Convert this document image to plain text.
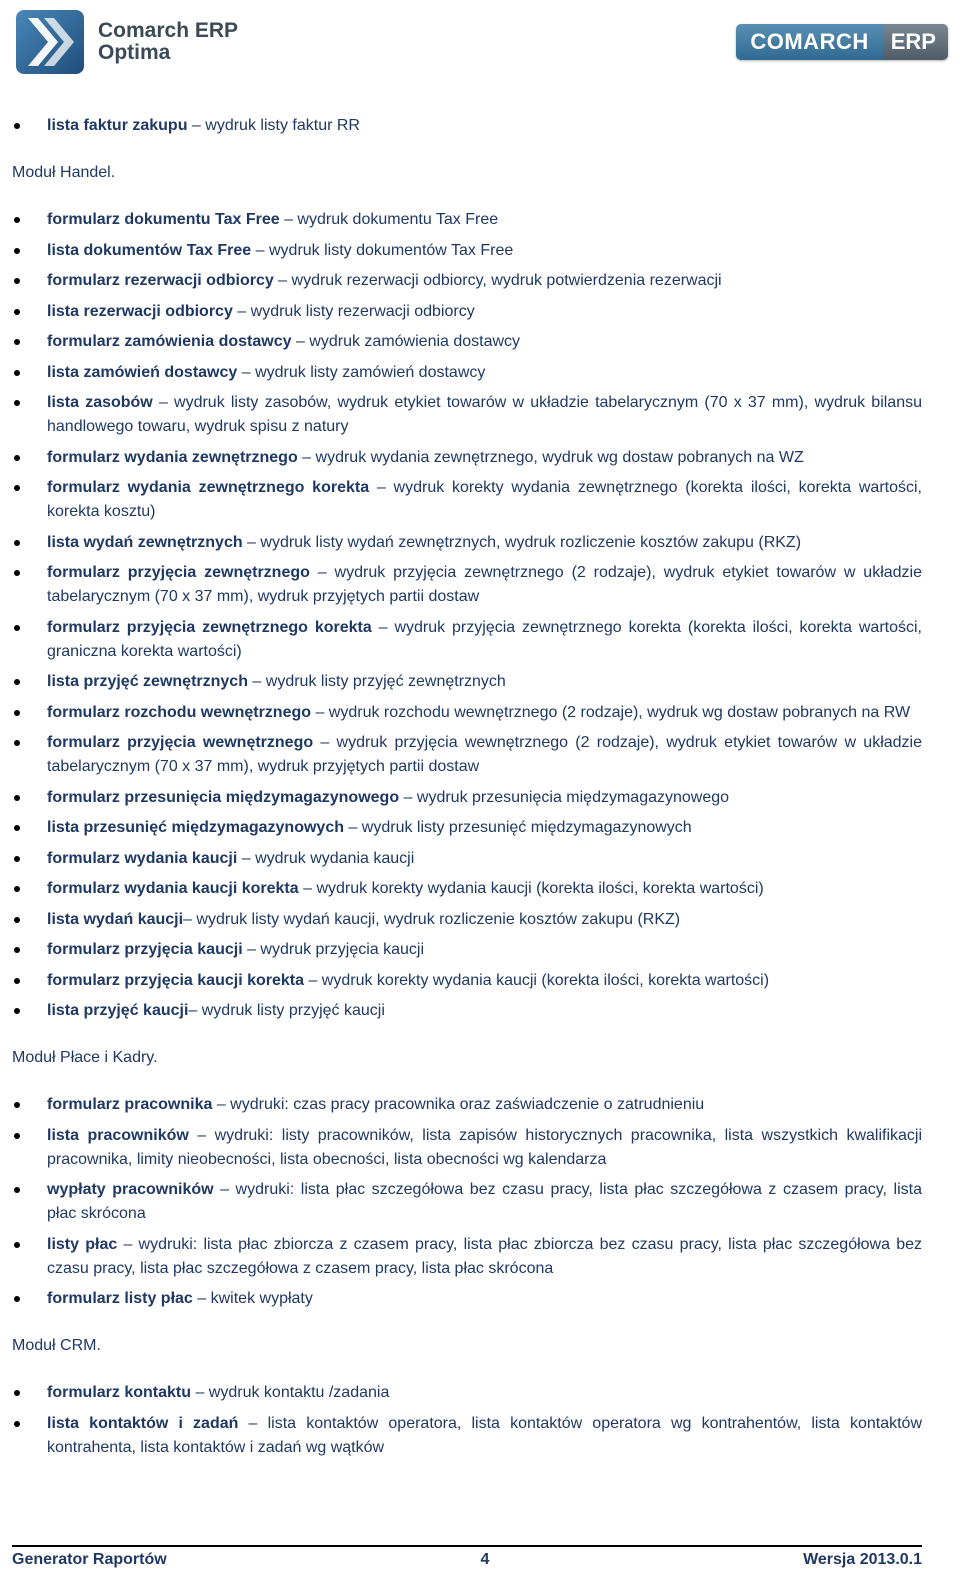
Comarch ERP
Optima	COMARCH	ERP
lista faktur zakupu – wydruk listy faktur RR
Moduł Handel.
formularz dokumentu Tax Free – wydruk dokumentu Tax Free
lista dokumentów Tax Free – wydruk listy dokumentów Tax Free
formularz rezerwacji odbiorcy – wydruk rezerwacji odbiorcy, wydruk potwierdzenia rezerwacji
lista rezerwacji odbiorcy – wydruk listy rezerwacji odbiorcy
formularz zamówienia dostawcy – wydruk zamówienia dostawcy
lista zamówień dostawcy – wydruk listy zamówień dostawcy
lista zasobów – wydruk listy zasobów, wydruk etykiet towarów w układzie tabelarycznym (70 x 37 mm), wydruk bilansu handlowego towaru, wydruk spisu z natury
formularz wydania zewnętrznego – wydruk wydania zewnętrznego, wydruk wg dostaw pobranych na WZ
formularz wydania zewnętrznego korekta – wydruk korekty wydania zewnętrznego (korekta ilości, korekta wartości, korekta kosztu)
lista wydań zewnętrznych – wydruk listy wydań zewnętrznych, wydruk rozliczenie kosztów zakupu (RKZ)
formularz przyjęcia zewnętrznego – wydruk przyjęcia zewnętrznego (2 rodzaje), wydruk etykiet towarów w układzie tabelarycznym (70 x 37 mm), wydruk przyjętych partii dostaw
formularz przyjęcia zewnętrznego korekta – wydruk przyjęcia zewnętrznego korekta (korekta ilości, korekta wartości, graniczna korekta wartości)
lista przyjęć zewnętrznych – wydruk listy przyjęć zewnętrznych
formularz rozchodu wewnętrznego – wydruk rozchodu wewnętrznego (2 rodzaje), wydruk wg dostaw pobranych na RW
formularz przyjęcia wewnętrznego – wydruk przyjęcia wewnętrznego (2 rodzaje), wydruk etykiet towarów w układzie tabelarycznym (70 x 37 mm), wydruk przyjętych partii dostaw
formularz przesunięcia międzymagazynowego – wydruk przesunięcia międzymagazynowego
lista przesunięć międzymagazynowych – wydruk listy przesunięć międzymagazynowych
formularz wydania kaucji – wydruk wydania kaucji
formularz wydania kaucji korekta – wydruk korekty wydania kaucji (korekta ilości, korekta wartości)
lista wydań kaucji– wydruk listy wydań kaucji, wydruk rozliczenie kosztów zakupu (RKZ)
formularz przyjęcia kaucji – wydruk przyjęcia kaucji
formularz przyjęcia kaucji korekta – wydruk korekty wydania kaucji (korekta ilości, korekta wartości)
lista przyjęć kaucji– wydruk listy przyjęć kaucji
Moduł Płace i Kadry.
formularz pracownika – wydruki: czas pracy pracownika oraz zaświadczenie o zatrudnieniu
lista pracowników – wydruki: listy pracowników, lista zapisów historycznych pracownika, lista wszystkich kwalifikacji pracownika, limity nieobecności, lista obecności, lista obecności wg kalendarza
wypłaty pracowników – wydruki: lista płac szczegółowa bez czasu pracy, lista płac szczegółowa z czasem pracy, lista płac skrócona
listy płac – wydruki: lista płac zbiorcza z czasem pracy, lista płac zbiorcza bez czasu pracy, lista płac szczegółowa bez czasu pracy, lista płac szczegółowa z czasem pracy, lista płac skrócona
formularz listy płac – kwitek wypłaty
Moduł CRM.
formularz kontaktu – wydruk kontaktu /zadania
lista kontaktów i zadań – lista kontaktów operatora, lista kontaktów operatora wg kontrahentów, lista kontaktów kontrahenta, lista kontaktów i zadań wg wątków
Generator Raportów	4	Wersja 2013.0.1
